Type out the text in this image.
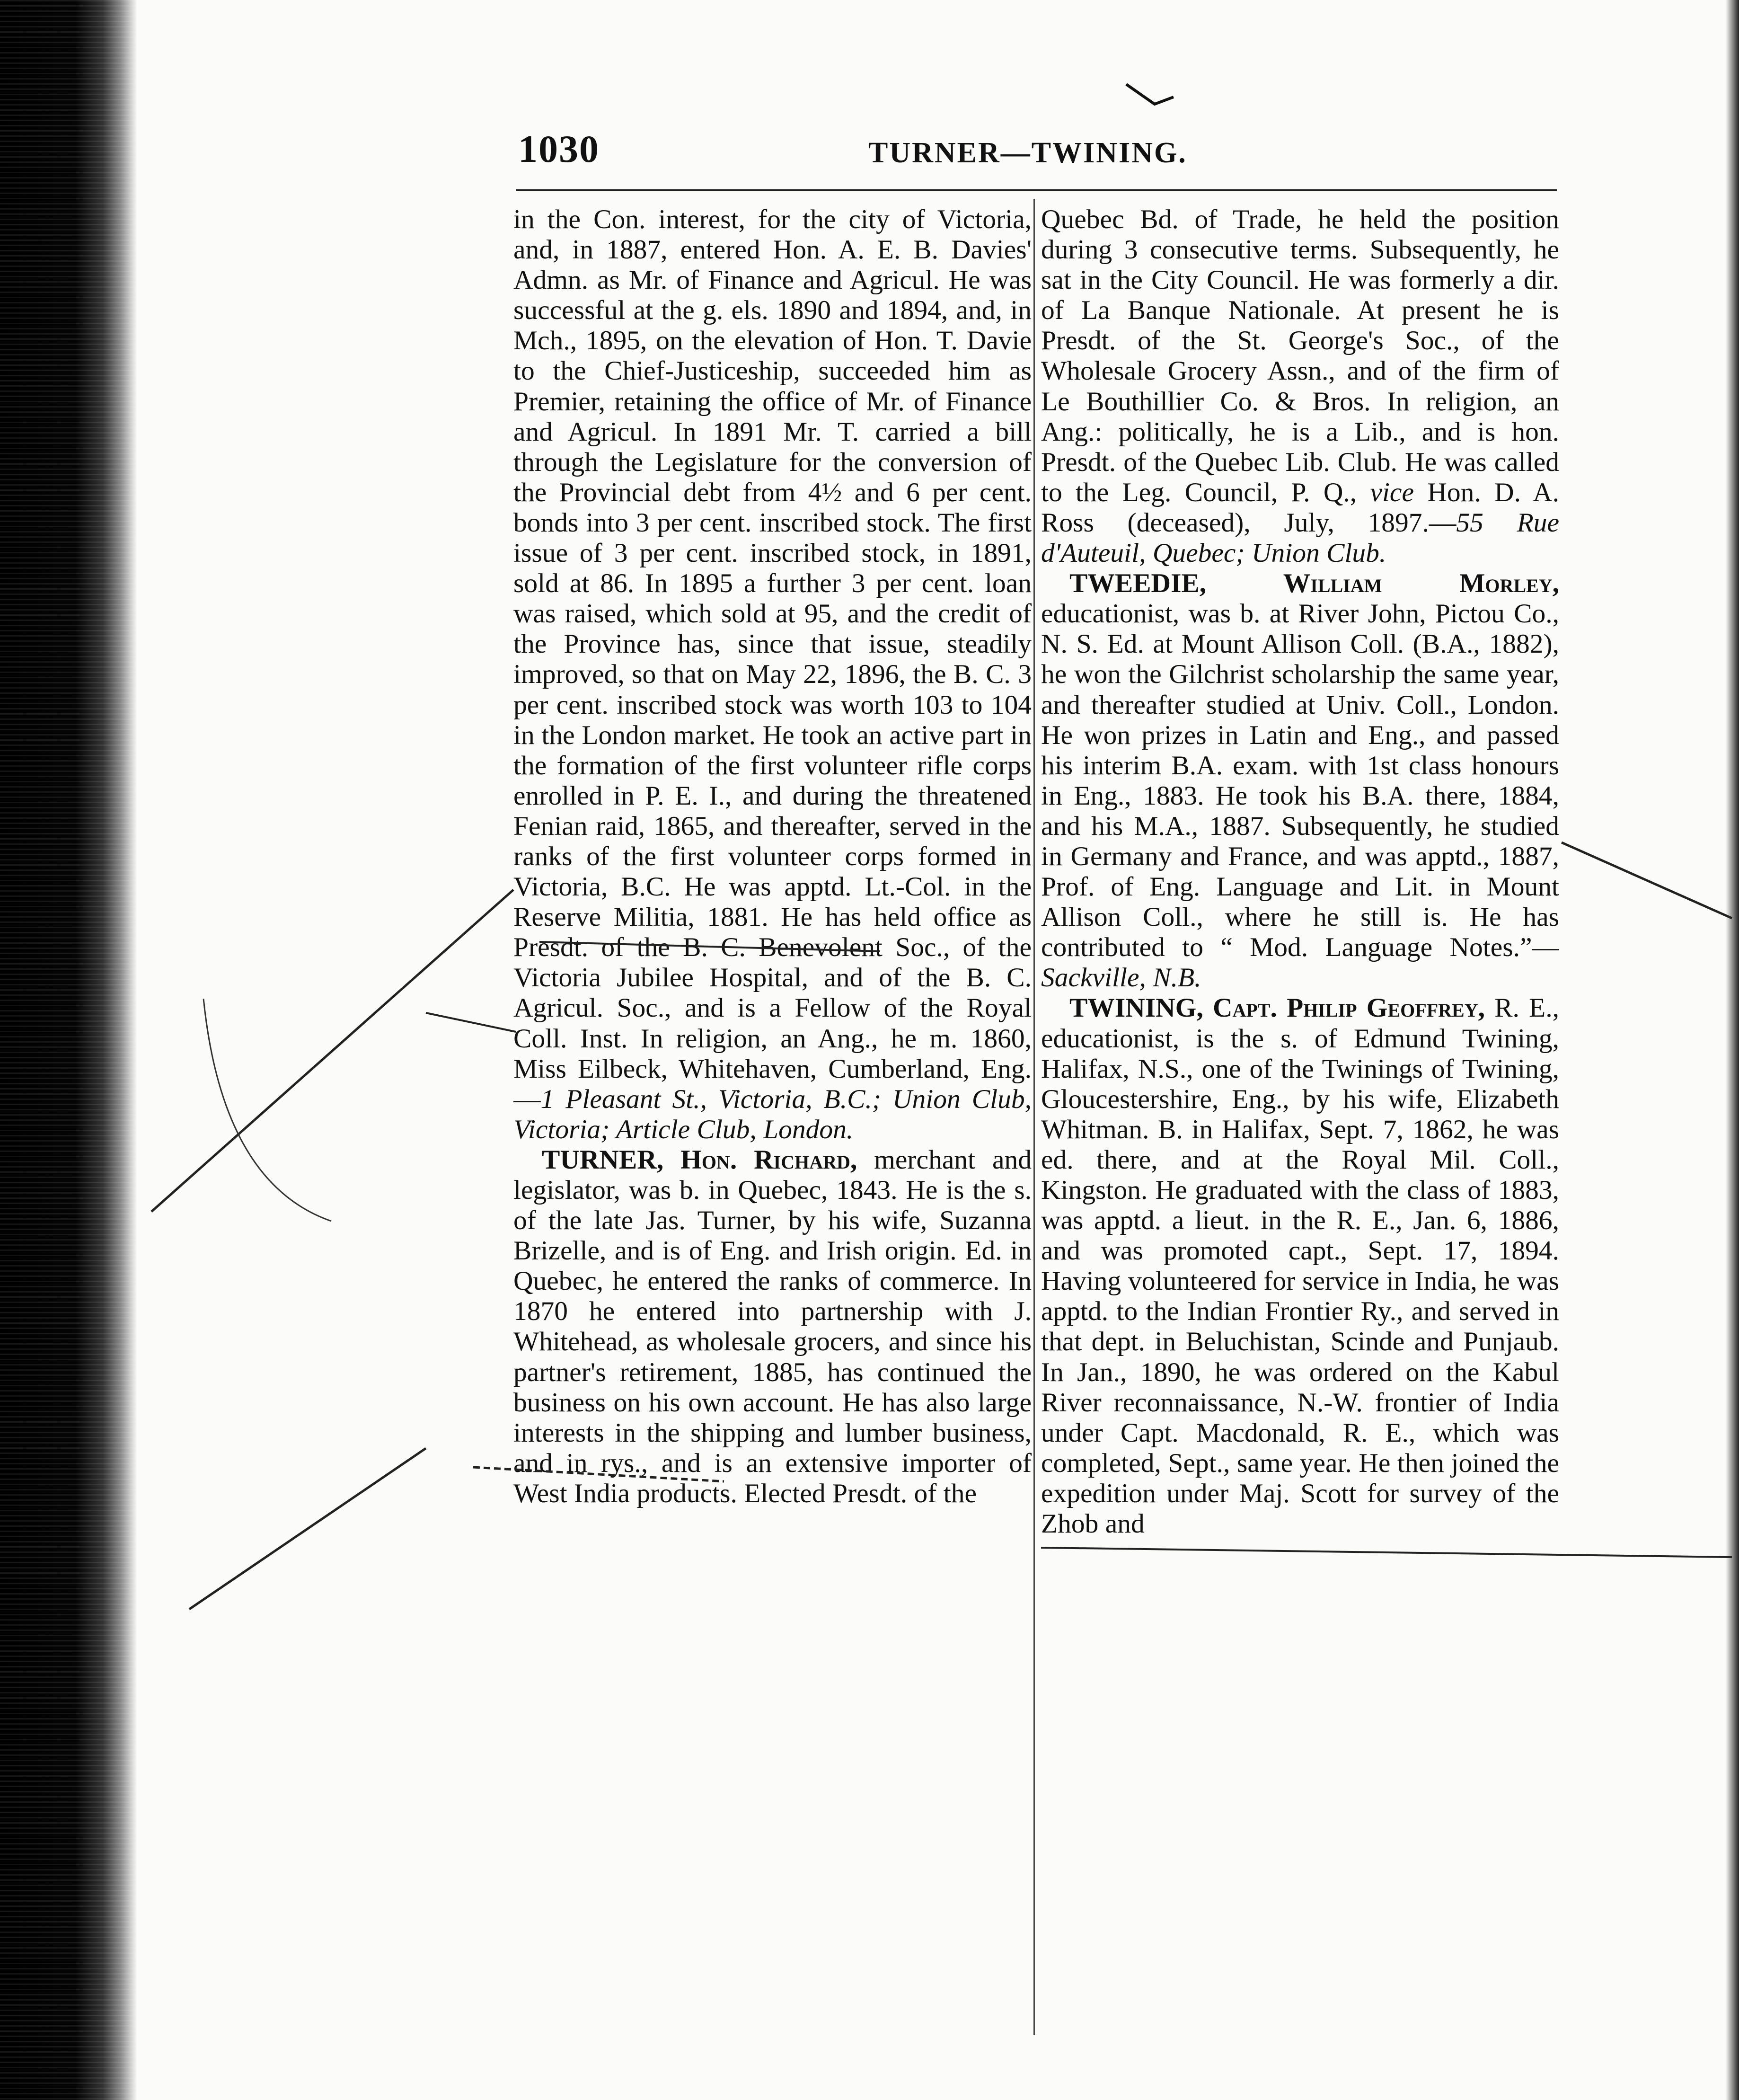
1030	TURNER—TWINING.

in the Con. interest, for the city of Victoria, and, in 1887, entered Hon. A. E. B. Davies' Admn. as Mr. of Finance and Agricul. He was successful at the g. els. 1890 and 1894, and, in Mch., 1895, on the elevation of Hon. T. Davie to the Chief-Justiceship, succeeded him as Premier, retaining the office of Mr. of Finance and Agricul. In 1891 Mr. T. carried a bill through the Legislature for the conversion of the Provincial debt from 4½ and 6 per cent. bonds into 3 per cent. inscribed stock. The first issue of 3 per cent. inscribed stock, in 1891, sold at 86. In 1895 a further 3 per cent. loan was raised, which sold at 95, and the credit of the Province has, since that issue, steadily improved, so that on May 22, 1896, the B. C. 3 per cent. inscribed stock was worth 103 to 104 in the London market. He took an active part in the formation of the first volunteer rifle corps enrolled in P. E. I., and during the threatened Fenian raid, 1865, and thereafter, served in the ranks of the first volunteer corps formed in Victoria, B.C. He was apptd. Lt.-Col. in the Reserve Militia, 1881. He has held office as Presdt. of the B. C. Benevolent Soc., of the Victoria Jubilee Hospital, and of the B. C. Agricul. Soc., and is a Fellow of the Royal Coll. Inst. In religion, an Ang., he m. 1860, Miss Eilbeck, Whitehaven, Cumberland, Eng.—1 Pleasant St., Victoria, B.C.; Union Club, Victoria; Article Club, London.

TURNER, Hon. Richard, merchant and legislator, was b. in Quebec, 1843. He is the s. of the late Jas. Turner, by his wife, Suzanna Brizelle, and is of Eng. and Irish origin. Ed. in Quebec, he entered the ranks of commerce. In 1870 he entered into partnership with J. Whitehead, as wholesale grocers, and since his partner's retirement, 1885, has continued the business on his own account. He has also large interests in the shipping and lumber business, and in rys., and is an extensive importer of West India products. Elected Presdt. of the

Quebec Bd. of Trade, he held the position during 3 consecutive terms. Subsequently, he sat in the City Council. He was formerly a dir. of La Banque Nationale. At present he is Presdt. of the St. George's Soc., of the Wholesale Grocery Assn., and of the firm of Le Bouthillier Co. & Bros. In religion, an Ang.: politically, he is a Lib., and is hon. Presdt. of the Quebec Lib. Club. He was called to the Leg. Council, P. Q., vice Hon. D. A. Ross (deceased), July, 1897.—55 Rue d'Auteuil, Quebec; Union Club.

TWEEDIE, William Morley, educationist, was b. at River John, Pictou Co., N. S. Ed. at Mount Allison Coll. (B.A., 1882), he won the Gilchrist scholarship the same year, and thereafter studied at Univ. Coll., London. He won prizes in Latin and Eng., and passed his interim B.A. exam. with 1st class honours in Eng., 1883. He took his B.A. there, 1884, and his M.A., 1887. Subsequently, he studied in Germany and France, and was apptd., 1887, Prof. of Eng. Language and Lit. in Mount Allison Coll., where he still is. He has contributed to “ Mod. Language Notes.”—Sackville, N.B.

TWINING, Capt. Philip Geoffrey, R. E., educationist, is the s. of Edmund Twining, Halifax, N.S., one of the Twinings of Twining, Gloucestershire, Eng., by his wife, Elizabeth Whitman. B. in Halifax, Sept. 7, 1862, he was ed. there, and at the Royal Mil. Coll., Kingston. He graduated with the class of 1883, was apptd. a lieut. in the R. E., Jan. 6, 1886, and was promoted capt., Sept. 17, 1894. Having volunteered for service in India, he was apptd. to the Indian Frontier Ry., and served in that dept. in Beluchistan, Scinde and Punjaub. In Jan., 1890, he was ordered on the Kabul River reconnaissance, N.-W. frontier of India under Capt. Macdonald, R. E., which was completed, Sept., same year. He then joined the expedition under Maj. Scott for survey of the Zhob and
